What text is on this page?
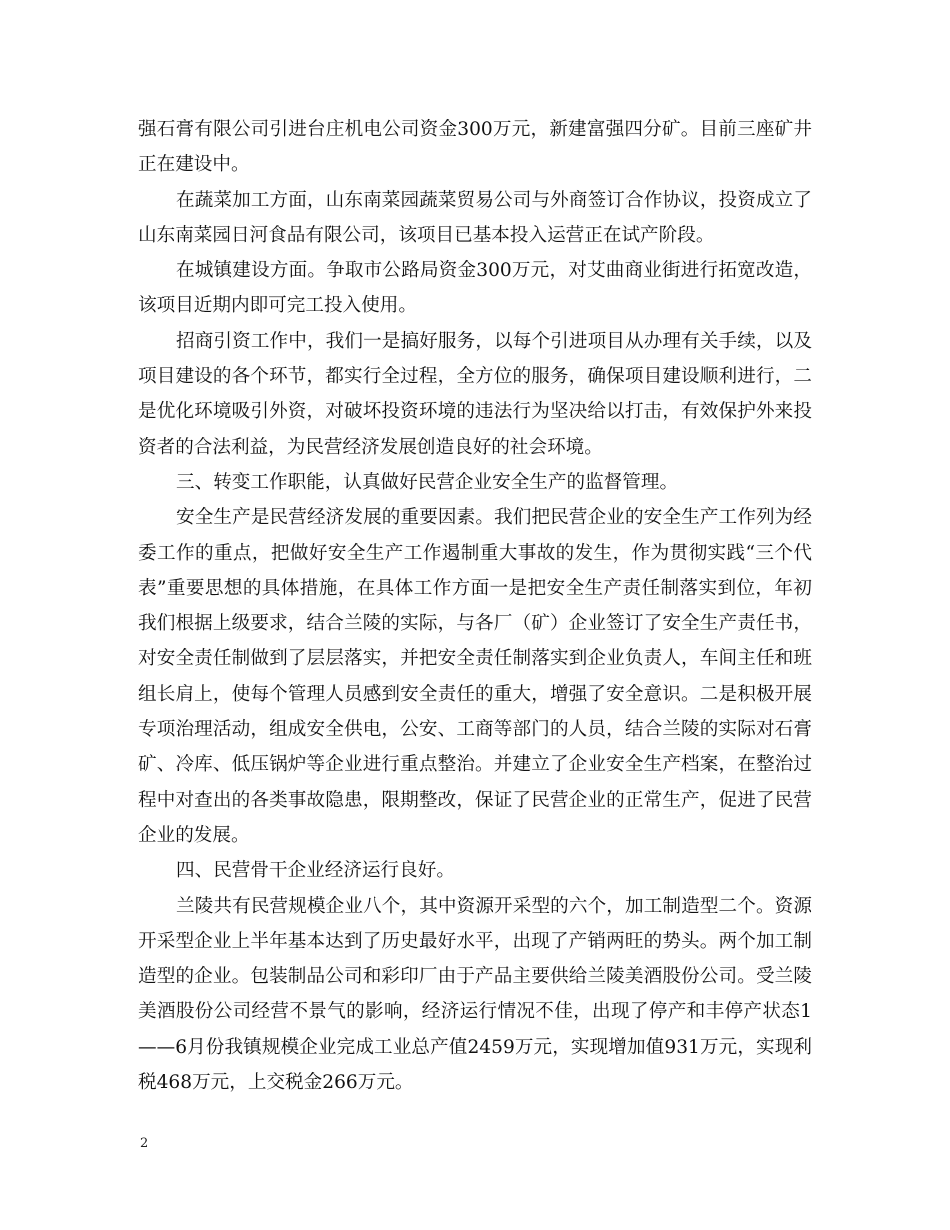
强石膏有限公司引进台庄机电公司资金300万元，新建富强四分矿。目前三座矿井正在建设中。

在蔬菜加工方面，山东南菜园蔬菜贸易公司与外商签订合作协议，投资成立了山东南菜园日河食品有限公司，该项目已基本投入运营正在试产阶段。

在城镇建设方面。争取市公路局资金300万元，对艾曲商业街进行拓宽改造，该项目近期内即可完工投入使用。

招商引资工作中，我们一是搞好服务，以每个引进项目从办理有关手续，以及项目建设的各个环节，都实行全过程，全方位的服务，确保项目建设顺利进行，二是优化环境吸引外资，对破坏投资环境的违法行为坚决给以打击，有效保护外来投资者的合法利益，为民营经济发展创造良好的社会环境。

三、转变工作职能，认真做好民营企业安全生产的监督管理。

安全生产是民营经济发展的重要因素。我们把民营企业的安全生产工作列为经委工作的重点，把做好安全生产工作遏制重大事故的发生，作为贯彻实践“三个代表”重要思想的具体措施，在具体工作方面一是把安全生产责任制落实到位，年初我们根据上级要求，结合兰陵的实际，与各厂（矿）企业签订了安全生产责任书，对安全责任制做到了层层落实，并把安全责任制落实到企业负责人，车间主任和班组长肩上，使每个管理人员感到安全责任的重大，增强了安全意识。二是积极开展专项治理活动，组成安全供电，公安、工商等部门的人员，结合兰陵的实际对石膏矿、冷库、低压锅炉等企业进行重点整治。并建立了企业安全生产档案，在整治过程中对查出的各类事故隐患，限期整改，保证了民营企业的正常生产，促进了民营企业的发展。

四、民营骨干企业经济运行良好。

兰陵共有民营规模企业八个，其中资源开采型的六个，加工制造型二个。资源开采型企业上半年基本达到了历史最好水平，出现了产销两旺的势头。两个加工制造型的企业。包装制品公司和彩印厂由于产品主要供给兰陵美酒股份公司。受兰陵美酒股份公司经营不景气的影响，经济运行情况不佳，出现了停产和丰停产状态1——6月份我镇规模企业完成工业总产值2459万元，实现增加值931万元，实现利税468万元，上交税金266万元。

2
